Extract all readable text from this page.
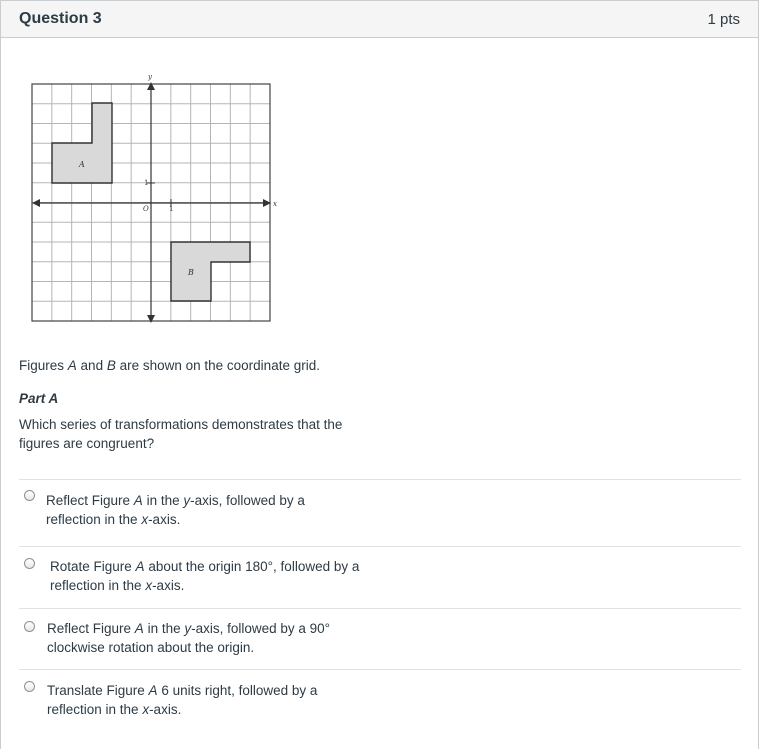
Question 3	1 pts
y
x
O	1
1
A
B
Figures A and B are shown on the coordinate grid.
Part A
Which series of transformations demonstrates that the
figures are congruent?
Reflect Figure A in the y-axis, followed by a
reflection in the x-axis.
Rotate Figure A about the origin 180°, followed by a
reflection in the x-axis.
Reflect Figure A in the y-axis, followed by a 90°
clockwise rotation about the origin.
Translate Figure A 6 units right, followed by a
reflection in the x-axis.
